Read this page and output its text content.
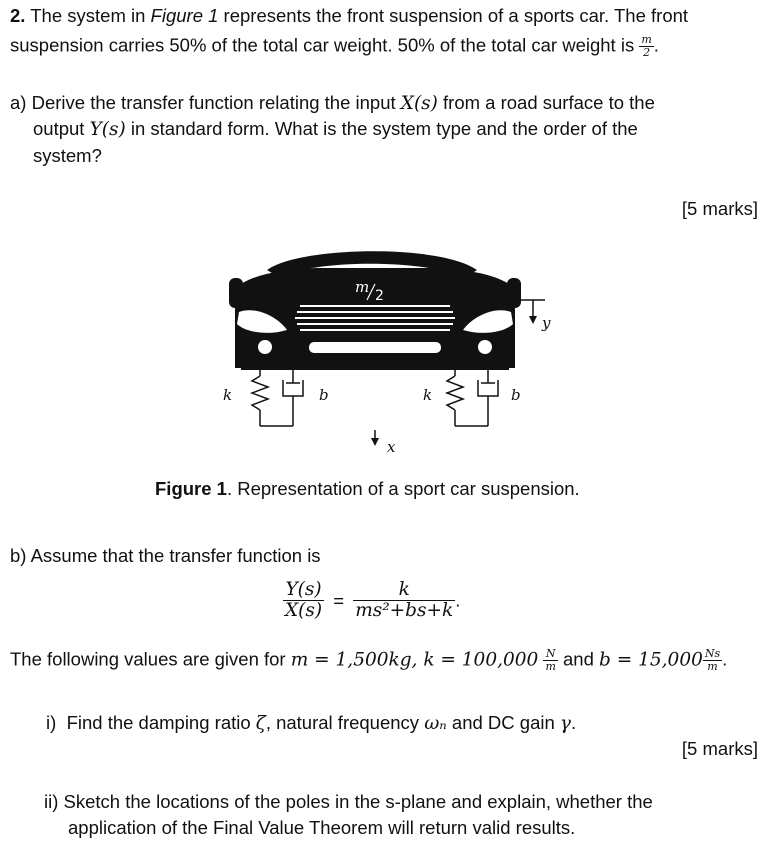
2. The system in Figure 1 represents the front suspension of a sports car. The front
suspension carries 50% of the total car weight. 50% of the total car weight is $\frac{m}{2}$ .
a) Derive the transfer function relating the input X(s) from a road surface to the
output Y(s) in standard form. What is the system type and the order of the
system?
[5 marks]
m 2
y
k	b	k	b
x
Figure 1. Representation of a sport car suspension.
b) Assume that the transfer function is
$\frac{Y(s)}{X(s)} = \frac{k}{\text{ms²+bs+k}}$ .
The following values are given for m = 1,500kg, $k = 100,000 \frac{N}{m}$ and $b = 15,000 \frac{Ns}{m}$ .
i) Find the damping ratio ζ, natural frequency ωₙ and DC gain γ.
[5 marks]
ii) Sketch the locations of the poles in the s-plane and explain, whether the
application of the Final Value Theorem will return valid results.
